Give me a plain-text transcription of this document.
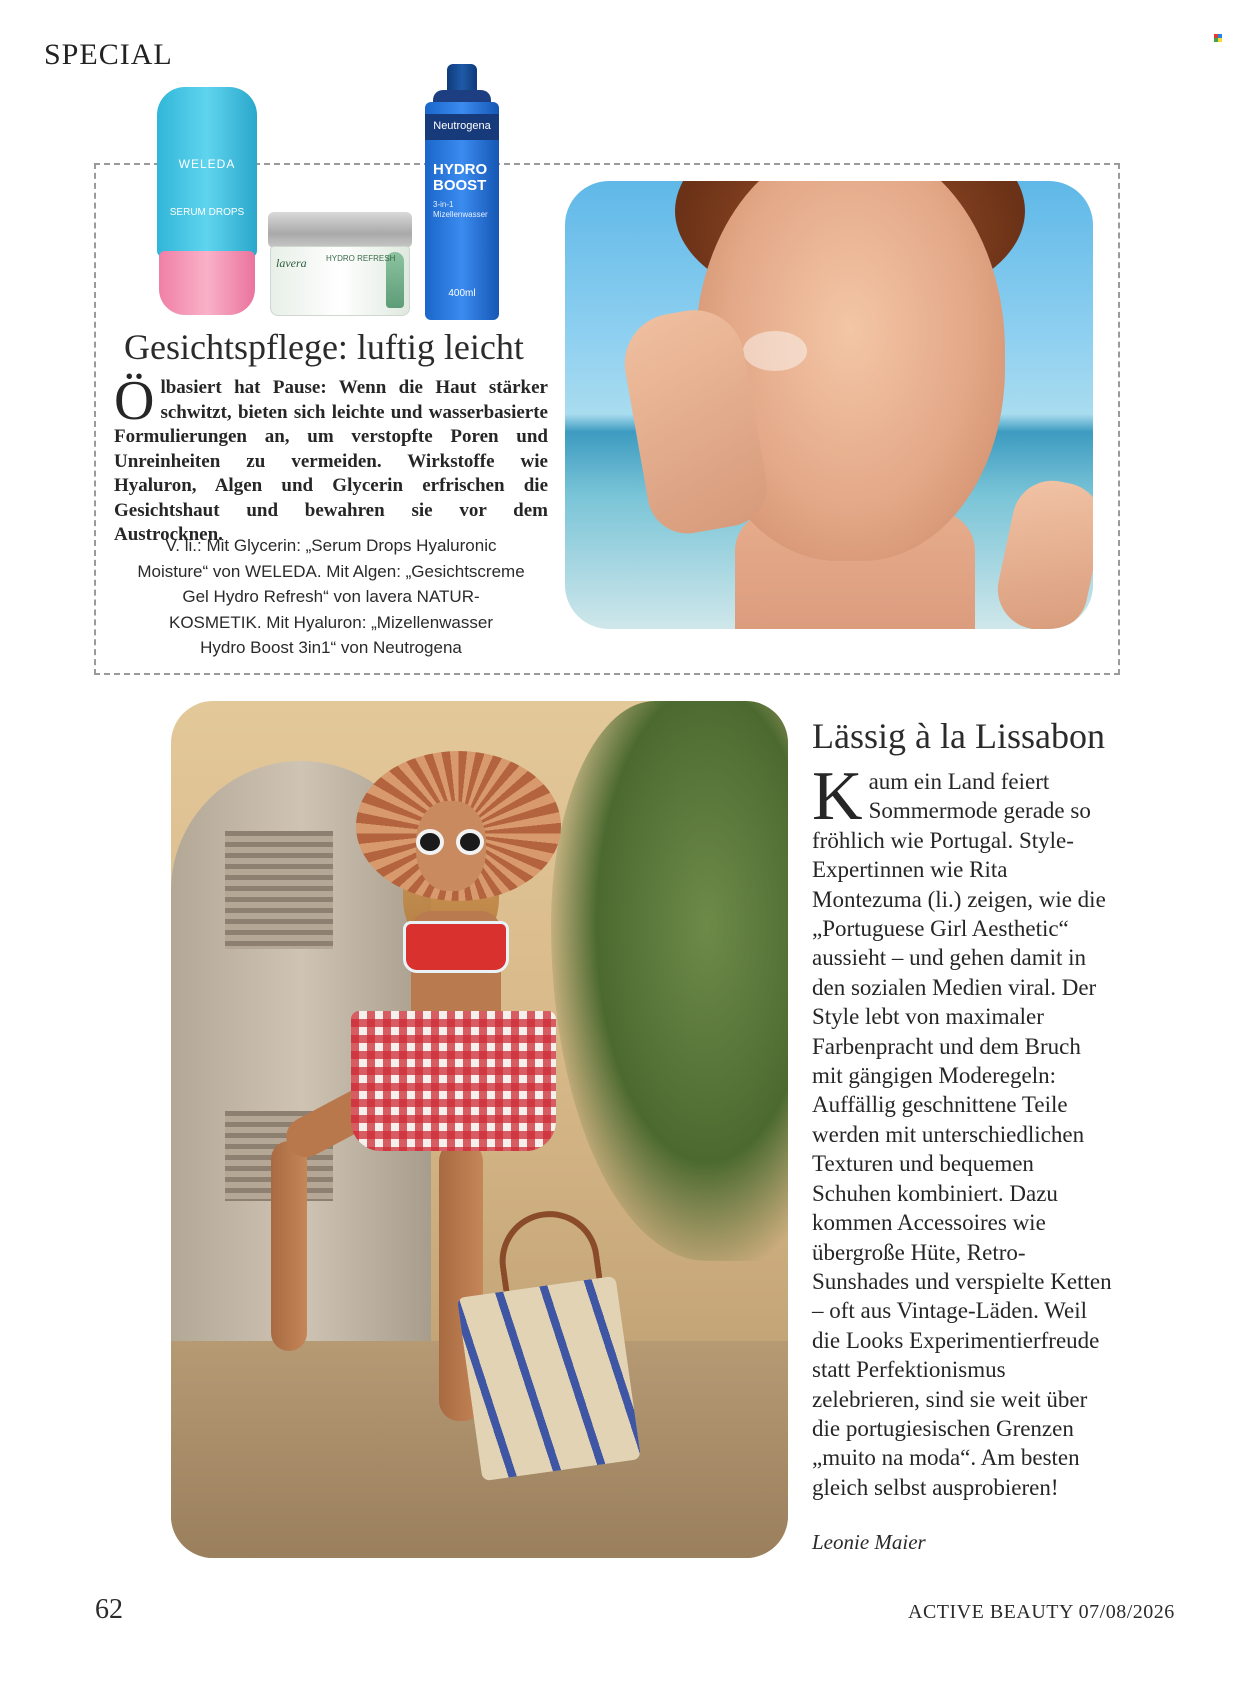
SPECIAL
WELEDA
SERUM DROPS
lavera HYDRO REFRESH
Neutrogena
HYDRO BOOST
3-in-1 Mizellenwasser
400ml
Gesichtspflege: luftig leicht

Ölbasiert hat Pause: Wenn die Haut stärker schwitzt, bieten sich leichte und wasserbasierte Formulierungen an, um verstopfte Poren und Unreinheiten zu vermeiden. Wirkstoffe wie Hyaluron, Algen und Glycerin erfrischen die Gesichtshaut und bewahren sie vor dem Austrocknen.

V. li.: Mit Glycerin: „Serum Drops Hyaluronic
Moisture“ von WELEDA. Mit Algen: „Gesichtscreme
Gel Hydro Refresh“ von lavera NATUR-
KOSMETIK. Mit Hyaluron: „Mizellenwasser
Hydro Boost 3in1“ von Neutrogena
Lässig à la Lissabon

Kaum ein Land feiert Sommermode gerade so fröhlich wie Portugal. Style-Expertinnen wie Rita Montezuma (li.) zeigen, wie die „Portuguese Girl Aesthetic“ aussieht – und gehen damit in den sozialen Medien viral. Der Style lebt von maximaler Farbenpracht und dem Bruch mit gängigen Moderegeln: Auffällig geschnittene Teile werden mit unterschiedlichen Texturen und bequemen Schuhen kombiniert. Dazu kommen Accessoires wie übergroße Hüte, Retro-Sunshades und verspielte Ketten – oft aus Vintage-Läden. Weil die Looks Experimentierfreude statt Perfektionismus zelebrieren, sind sie weit über die portugiesischen Grenzen „muito na moda“. Am besten gleich selbst ausprobieren!

Leonie Maier
62	ACTIVE BEAUTY 07/08/2026
